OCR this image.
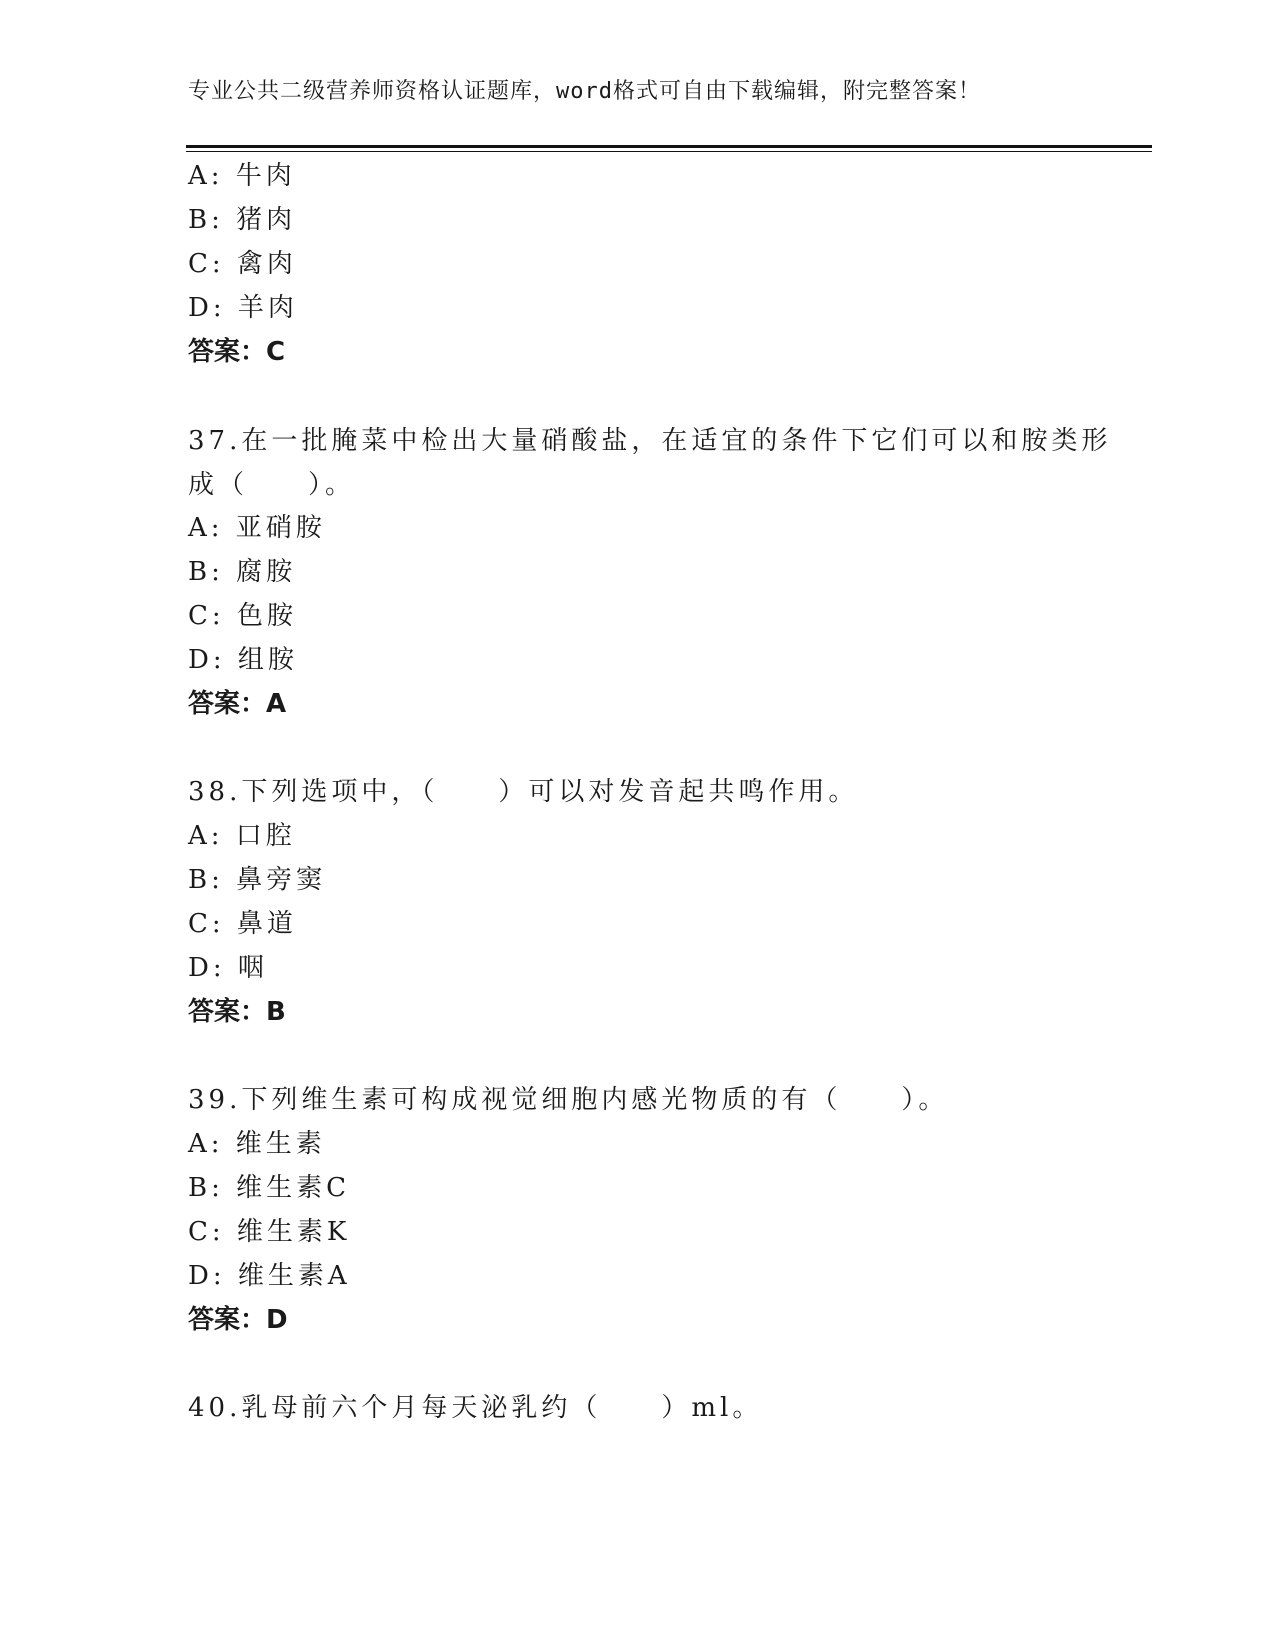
专业公共二级营养师资格认证题库，word格式可自由下载编辑，附完整答案！
A: 牛肉
B: 猪肉
C: 禽肉
D: 羊肉
答案：C
37.在一批腌菜中检出大量硝酸盐，在适宜的条件下它们可以和胺类形
成（　　）。
A: 亚硝胺
B: 腐胺
C: 色胺
D: 组胺
答案：A
38.下列选项中，（　　）可以对发音起共鸣作用。
A: 口腔
B: 鼻旁窦
C: 鼻道
D: 咽
答案：B
39.下列维生素可构成视觉细胞内感光物质的有（　　）。
A: 维生素
B: 维生素C
C: 维生素K
D: 维生素A
答案：D
40.乳母前六个月每天泌乳约（　　）ml。
